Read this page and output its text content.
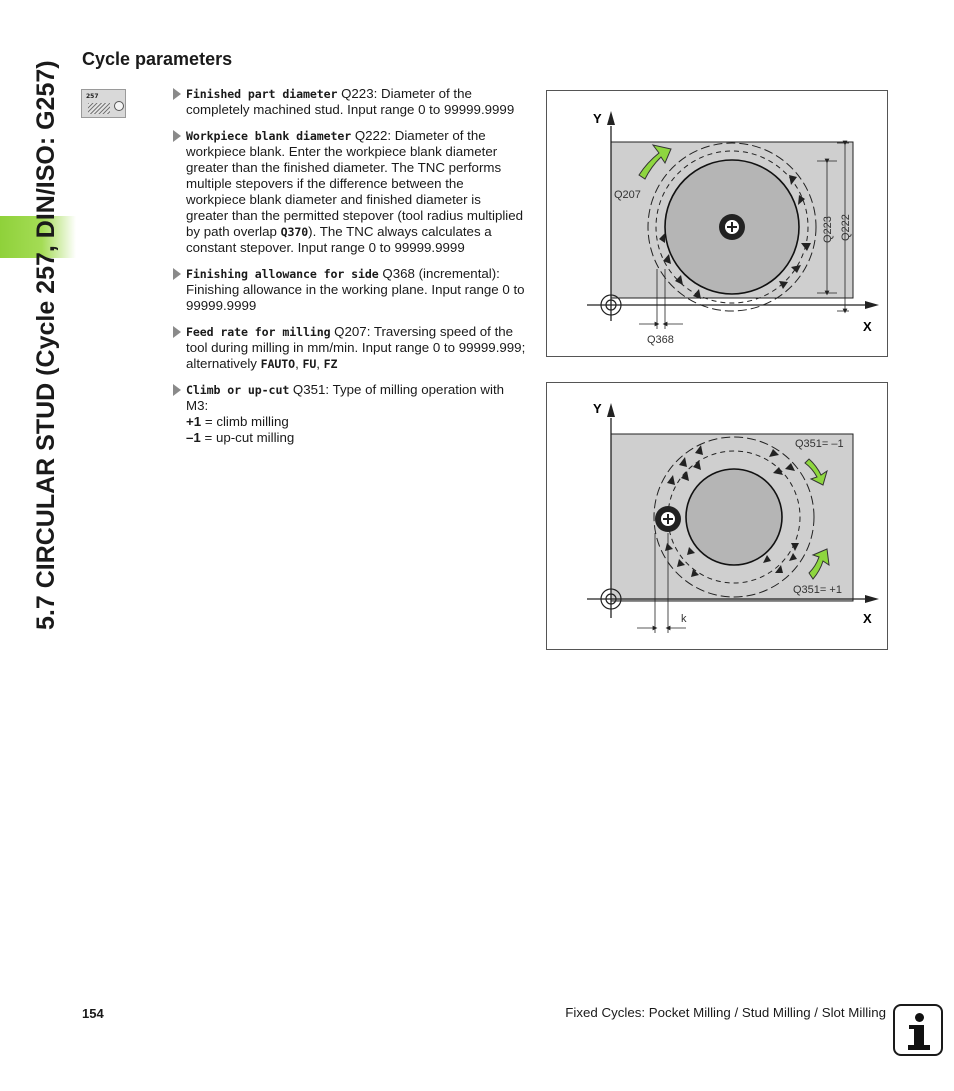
5.7 CIRCULAR STUD (Cycle 257, DIN/ISO: G257)
Cycle parameters
257	Finished part diameter Q223: Diameter of the completely machined stud. Input range 0 to 99999.9999
Workpiece blank diameter Q222: Diameter of the workpiece blank. Enter the workpiece blank diameter greater than the finished diameter. The TNC performs multiple stepovers if the difference between the workpiece blank diameter and finished diameter is greater than the permitted stepover (tool radius multiplied by path overlap Q370). The TNC always calculates a constant stepover. Input range 0 to 99999.9999
Finishing allowance for side Q368 (incremental): Finishing allowance in the working plane. Input range 0 to 99999.9999
Feed rate for milling Q207: Traversing speed of the tool during milling in mm/min. Input range 0 to 99999.999; alternatively FAUTO, FU, FZ
Climb or up-cut Q351: Type of milling operation with M3:
+1 = climb milling
–1 = up-cut milling
Y
X
Q207
Q223 Q222
Q368
Y
X
Q351= –1
Q351= +1
k
154	Fixed Cycles: Pocket Milling / Stud Milling / Slot Milling
